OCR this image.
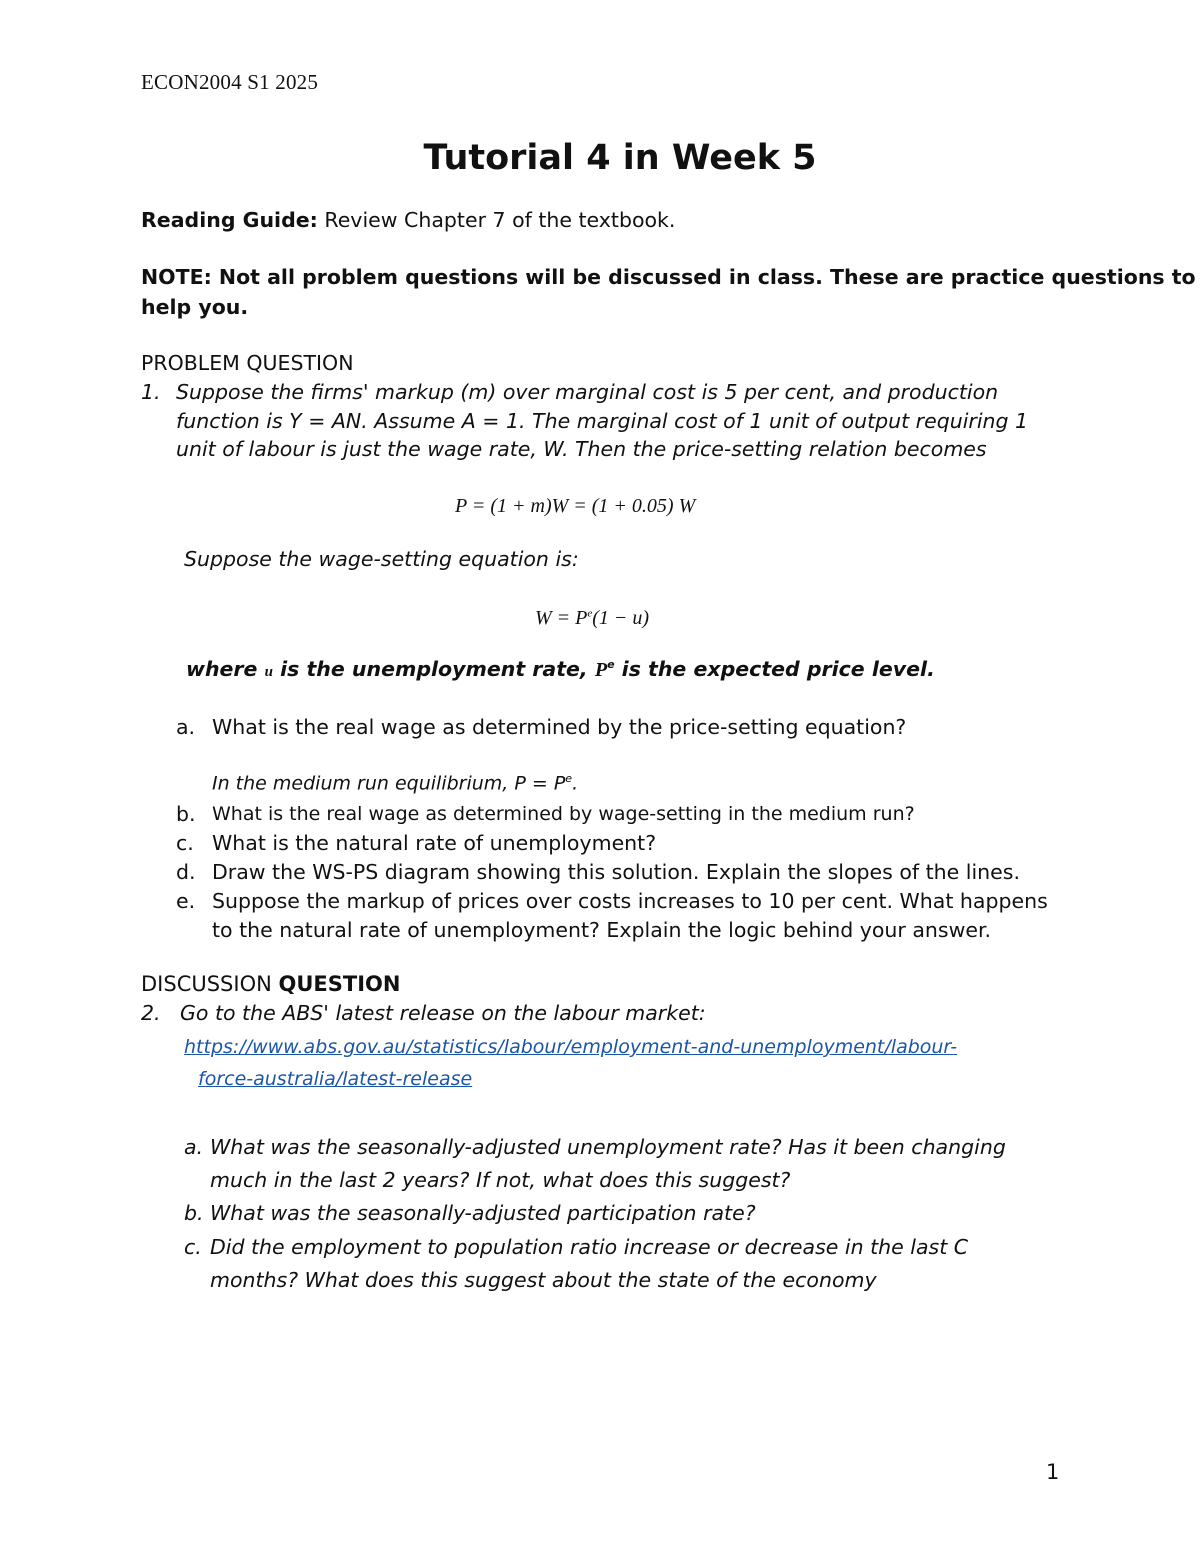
ECON2004 S1 2025
Tutorial 4 in Week 5
Reading Guide: Review Chapter 7 of the textbook.
NOTE: Not all problem questions will be discussed in class. These are practice questions to
help you.
PROBLEM QUESTION
1. Suppose the firms' markup (m) over marginal cost is 5 per cent, and production
function is Y = AN. Assume A = 1. The marginal cost of 1 unit of output requiring 1
unit of labour is just the wage rate, W. Then the price-setting relation becomes
P = (1 + m)W = (1 + 0.05) W
Suppose the wage-setting equation is:
$W = P^e(1 - u)$
where u is the unemployment rate, $P^e$ is the expected price level.
a. What is the real wage as determined by the price-setting equation?
In the medium run equilibrium, $P = P^e$.
b. What is the real wage as determined by wage-setting in the medium run?
c. What is the natural rate of unemployment?
d. Draw the WS-PS diagram showing this solution. Explain the slopes of the lines.
e. Suppose the markup of prices over costs increases to 10 per cent. What happens
to the natural rate of unemployment? Explain the logic behind your answer.
DISCUSSION QUESTION
2. Go to the ABS' latest release on the labour market:
https://www.abs.gov.au/statistics/labour/employment-and-unemployment/labour-
force-australia/latest-release
a. What was the seasonally-adjusted unemployment rate? Has it been changing
much in the last 2 years? If not, what does this suggest?
b. What was the seasonally-adjusted participation rate?
c. Did the employment to population ratio increase or decrease in the last C
months? What does this suggest about the state of the economy
1
